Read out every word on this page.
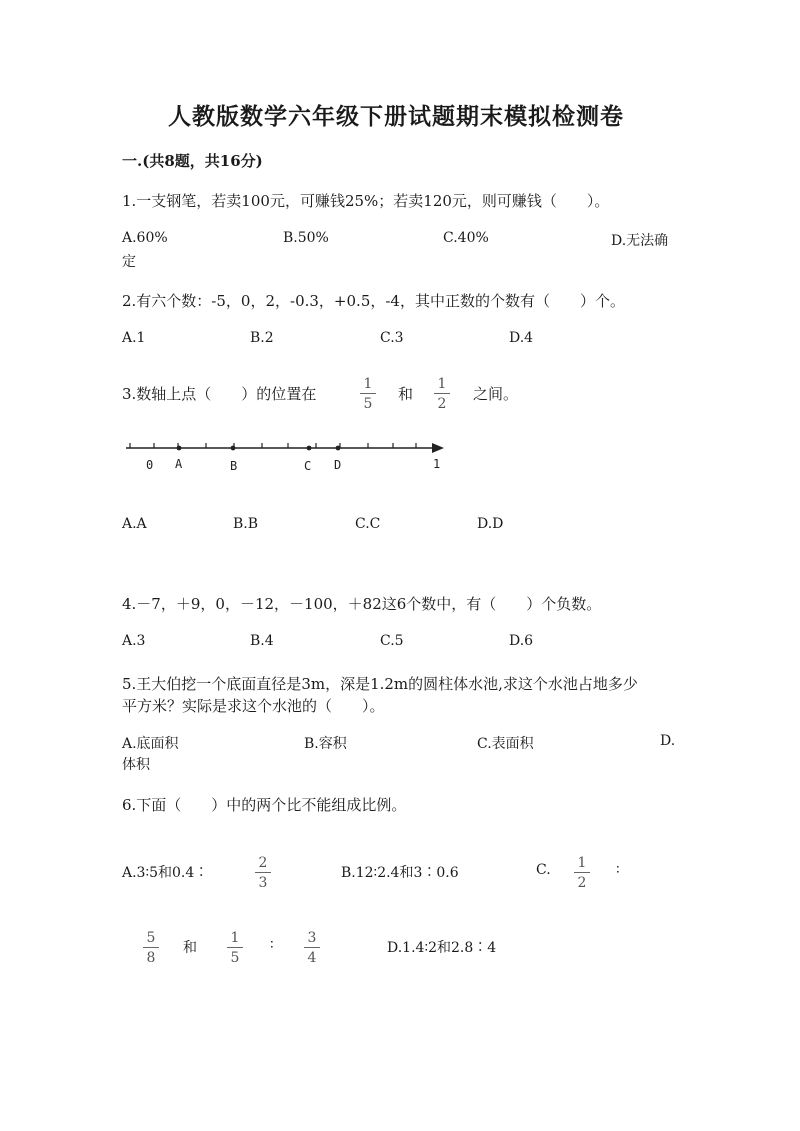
人教版数学六年级下册试题期末模拟检测卷
一.(共8题，共16分)
1.一支钢笔，若卖100元，可赚钱25%；若卖120元，则可赚钱（　　）。
A.60%	B.50%	C.40%	D.无法确
定
2.有六个数：-5，0，2，-0.3，+0.5，-4，其中正数的个数有（　　）个。
A.1	B.2	C.3	D.4
3.数轴上点（　　）的位置在
1
5
和
1
2
之间。
0 A	B	C D	1
A.A	B.B	C.C	D.D
4.－7，＋9，0，－12，－100，＋82这6个数中，有（　　）个负数。
A.3	B.4	C.5	D.6
5.王大伯挖一个底面直径是3m，深是1.2m的圆柱体水池,求这个水池占地多少
平方米？实际是求这个水池的（　　）。
A.底面积	B.容积	C.表面积	D.
体积
6.下面（　　）中的两个比不能组成比例。
A.3∶5和0.4∶
2
3
B.12∶2.4和3∶0.6	C.	1
2
∶
5
8
和
1
5
∶	3
4
D.1.4∶2和2.8∶4
